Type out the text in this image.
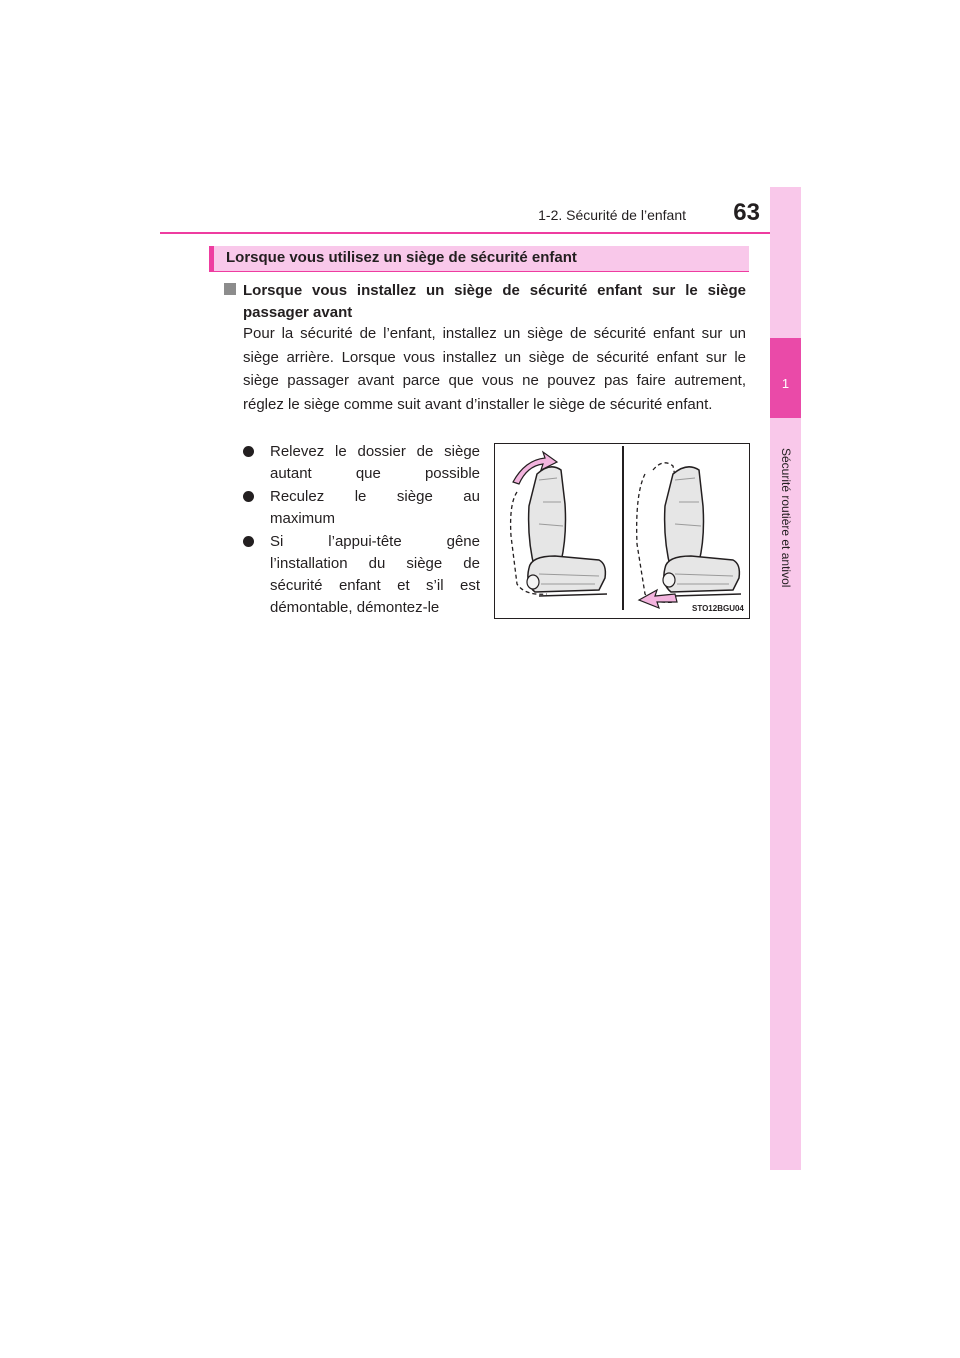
1-2. Sécurité de l’enfant	63
1
Sécurité routière et antivol
Lorsque vous utilisez un siège de sécurité enfant
Lorsque vous installez un siège de sécurité enfant sur le siège passager avant
Pour la sécurité de l’enfant, installez un siège de sécurité enfant sur un siège arrière. Lorsque vous installez un siège de sécurité enfant sur le siège passager avant parce que vous ne pouvez pas faire autrement, réglez le siège comme suit avant d’installer le siège de sécurité enfant.
Relevez le dossier de siège
autant que possible
Reculez le siège au
maximum
Si l’appui-tête gêne
l’installation du siège de
sécurité enfant et s’il est
démontable, démontez-le	STO12BGU04
